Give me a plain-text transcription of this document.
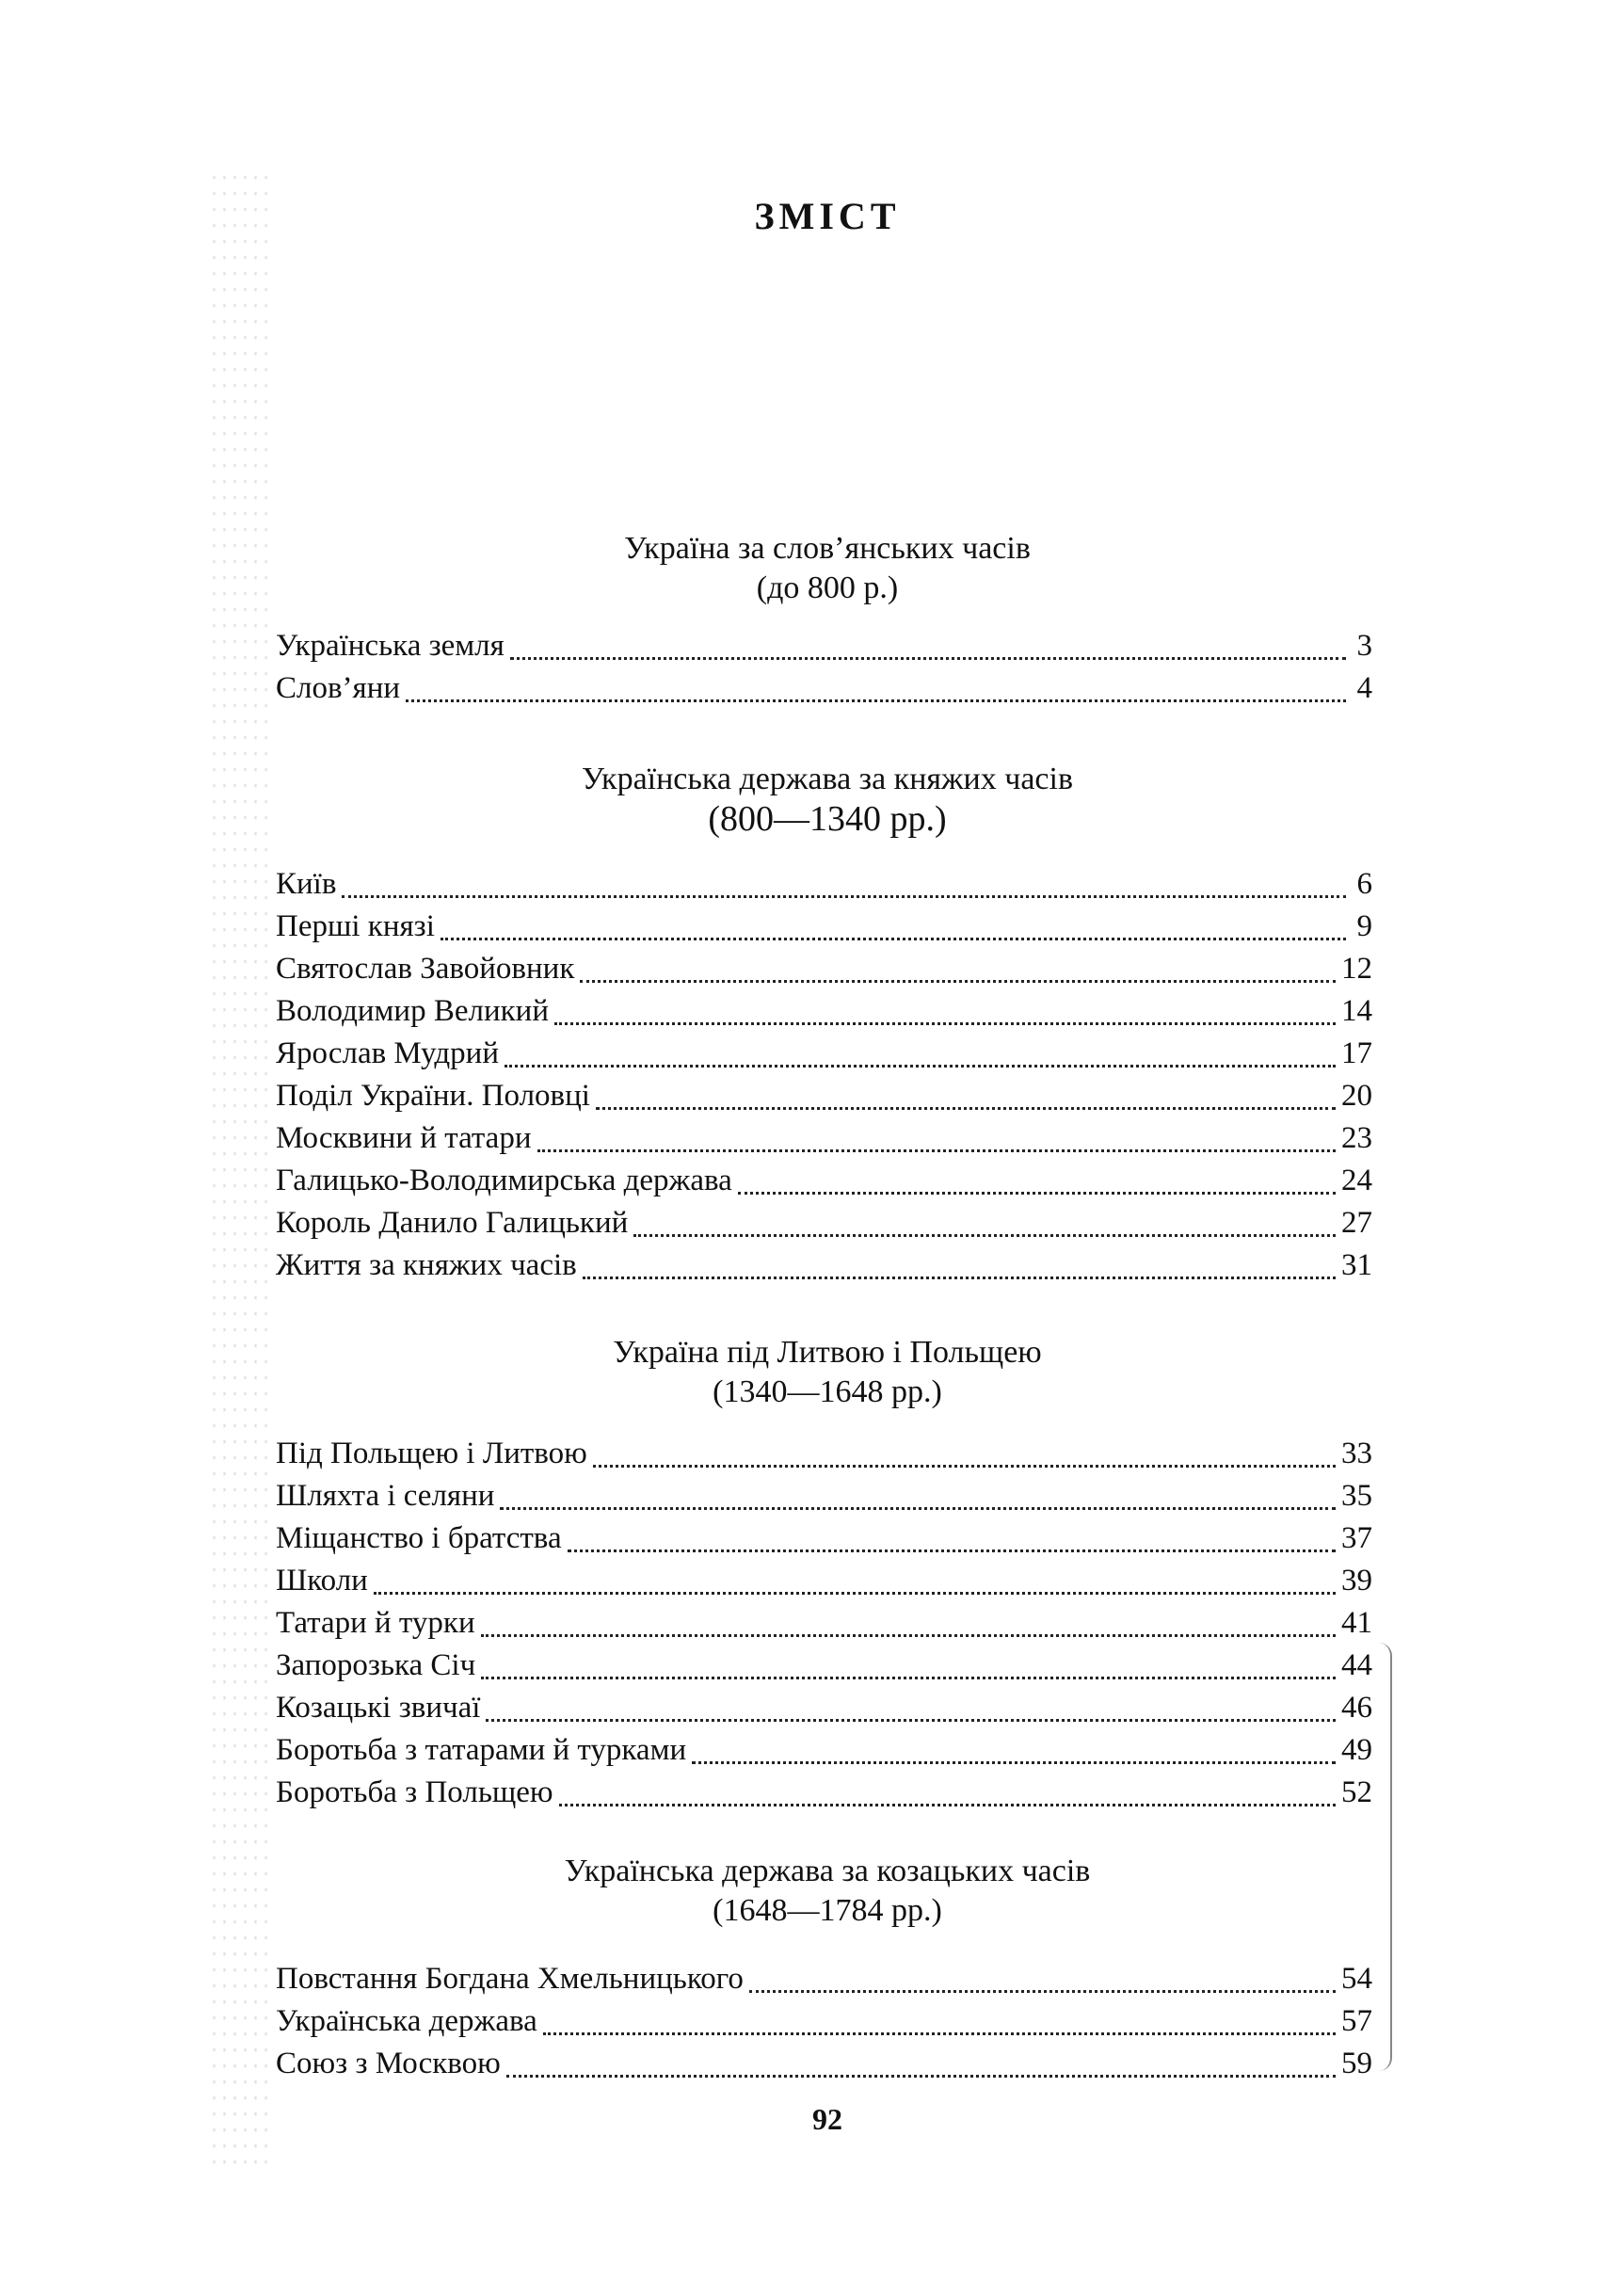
ЗМІСТ
Україна за слов’янських часів
(до 800 р.)
Українська земля	3
Слов’яни	4
Українська держава за княжих часів
(800—1340 pp.)
Київ	6
Перші князі	9
Святослав Завойовник	12
Володимир Великий	14
Ярослав Мудрий	17
Поділ України. Половці	20
Москвини й татари	23
Галицько-Володимирська держава	24
Король Данило Галицький	27
Життя за княжих часів	31
Україна під Литвою і Польщею
(1340—1648 pp.)
Під Польщею і Литвою	33
Шляхта і селяни	35
Міщанство і братства	37
Школи	39
Татари й турки	41
Запорозька Січ	44
Козацькі звичаї	46
Боротьба з татарами й турками	49
Боротьба з Польщею	52
Українська держава за козацьких часів
(1648—1784 pp.)
Повстання Богдана Хмельницького	54
Українська держава	57
Союз з Москвою	59
92
